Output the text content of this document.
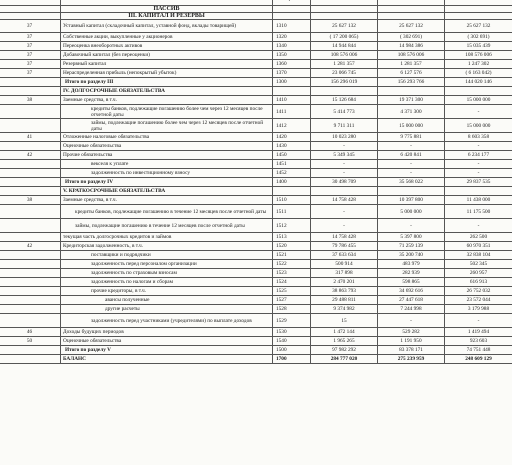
	ПАССИВ				
	III. КАПИТАЛ И РЕЗЕРВЫ				
37	Уставный капитал (складочный капитал, уставной фонд, вклады товарищей)	1310	25 627 132	25 627 132	25 627 132
37	Собственные акции, выкупленные у акционеров	1320	( 17 200 065)	( 302 691)	( 302 691)
37	Переоценка внеоборотных активов	1340	14 944 844	14 984 386	15 035 439
37	Добавочный капитал (без переоценки)	1350	108 576 006	108 576 006	108 576 006
37	Резервный капитал	1360	1 281 357	1 281 357	1 247 302
37	Нераспределенная прибыль (непокрытый убыток)	1370	23 066 745	6 127 576	( 6 163 042)
	Итого по разделу III	1300	156 296 019	156 293 766	144 020 146
	IV. ДОЛГОСРОЧНЫЕ ОБЯЗАТЕЛЬСТВА				
38	Заемные средства, в т.ч.	1410	15 126 684	19 371 300	15 000 000
	кредиты банков, подлежащие погашению более чем через 12 месяцев после отчетной даты	1411	5 414 773	4 371 300	-
	займы, подлежащие погашению более чем через 12 месяцев после отчетной даты	1412	9 711 311	15 000 000	15 000 000
41	Отложенные налоговые обязательства	1420	10 023 280	9 775 881	8 603 358
	Оценочные обязательства	1430	-	-	-
42	Прочие обязательства	1450	5 349 345	6 420 841	6 234 177
	векселя к уплате	1451	-	-	-
	задолженность по инвестиционному взносу	1452	-	-	-
	Итого по разделу IV	1400	30 498 709	35 568 022	29 837 535
	V. КРАТКОСРОЧНЫЕ ОБЯЗАТЕЛЬСТВА				
38	Заемные средства, в т.ч.	1510	14 758 428	10 397 800	11 438 000
	кредиты банков, подлежащие погашению в течение 12 месяцев после отчетной даты	1511	-	5 000 000	11 175 500
	займы, подлежащие погашению в течение 12 месяцев после отчетной даты	1512	-	-	-
	текущая часть долгосрочных кредитов и займов	1513	14 758 428	5 397 800	262 500
42	Кредиторская задолженность, в т.ч.	1520	79 786 455	71 259 139	60 970 351
	поставщики и подрядчики	1521	37 633 634	35 200 740	32 838 104
	задолженность перед персоналом организации	1522	500 914	483 979	502 345
	задолженность по страховым взносам	1523	317 898	282 939	260 957
	задолженность по налогам и сборам	1524	2 470 201	598 865	616 913
	прочие кредиторы, в т.ч.	1525	38 863 793	34 692 616	26 752 032
	авансы полученные	1527	29 488 811	27 447 618	23 572 044
	другие расчеты	1528	9 374 982	7 244 998	3 179 988
	задолженность перед участниками (учредителями) по выплате доходов	1529	15	-	-
46	Доходы будущих периодов	1530	1 472 144	529 282	1 419 494
50	Оценочные обязательства	1540	1 965 265	1 191 950	923 603
	Итого по разделу V	1500	97 982 292	83 378 171	74 751 448
	БАЛАНС	1700	284 777 020	275 239 959	248 609 129
